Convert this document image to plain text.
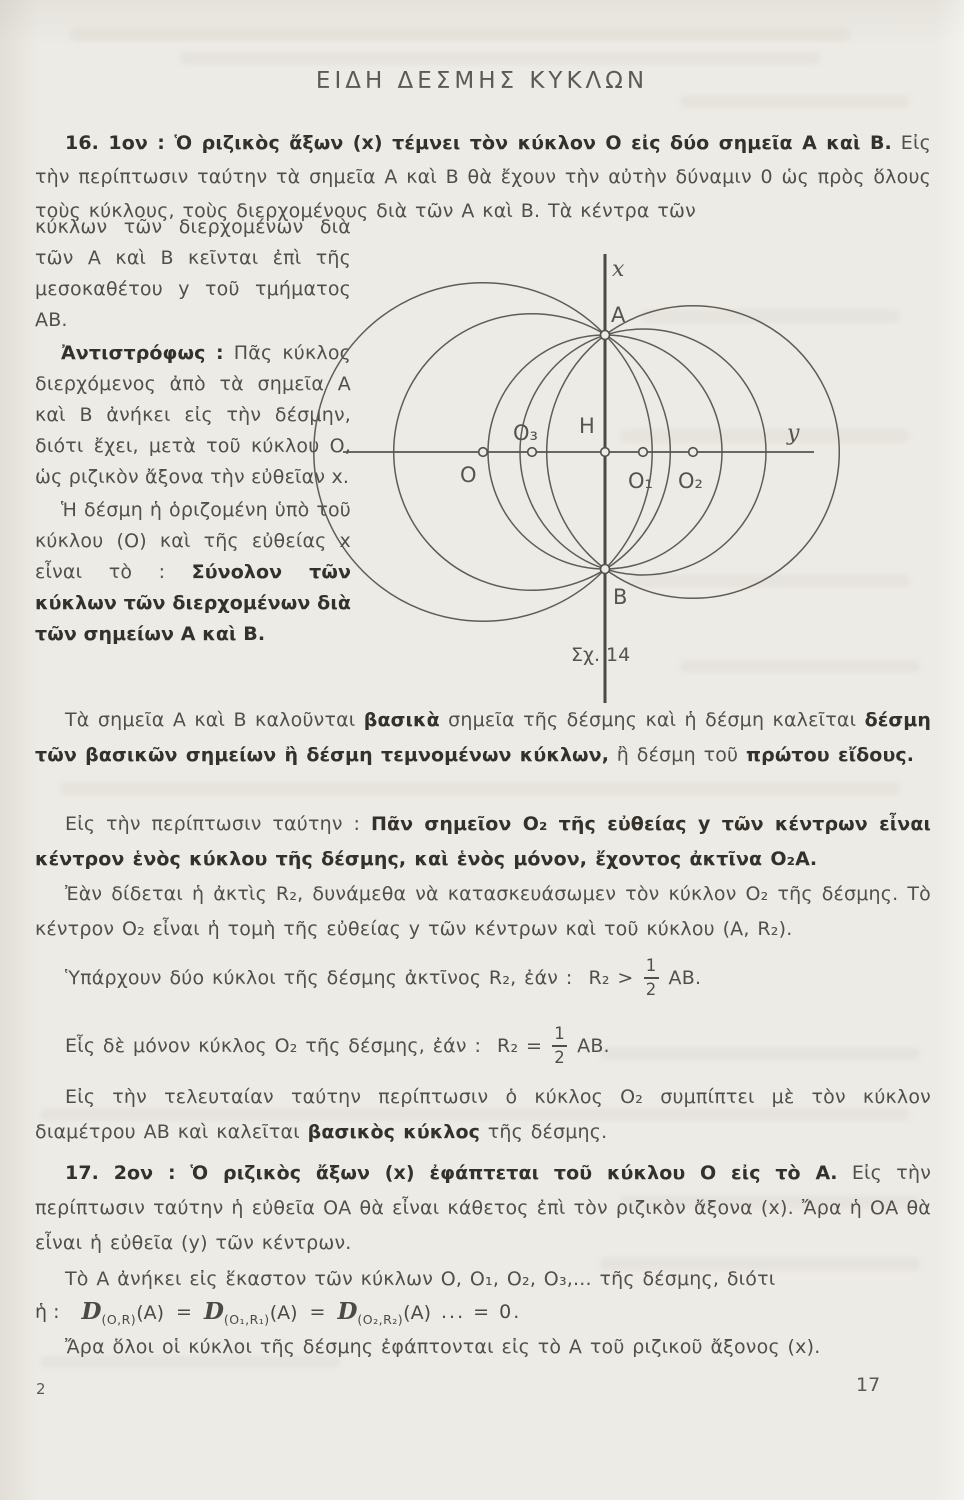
ΕΙΔΗ ΔΕΣΜΗΣ ΚΥΚΛΩΝ
16. 1ον : Ὁ ριζικὸς ἄξων (x) τέμνει τὸν κύκλον Ο εἰς δύο σημεῖα Α καὶ Β. Εἰς τὴν περίπτωσιν ταύτην τὰ σημεῖα Α καὶ Β θὰ ἔχουν τὴν αὐτὴν δύναμιν 0 ὡς πρὸς ὅλους τοὺς κύκλους, τοὺς διερχομένους διὰ τῶν Α καὶ Β. Τὰ κέντρα τῶν

κύκλων τῶν διερχομένων διὰ τῶν Α καὶ Β κεῖνται ἐπὶ τῆς μεσοκαθέτου y τοῦ τμήματος ΑΒ.

Ἀντιστρόφως : Πᾶς κύκλος διερχόμενος ἀπὸ τὰ σημεῖα Α καὶ Β ἀνήκει εἰς τὴν δέσμην, διότι ἔχει, μετὰ τοῦ κύκλου Ο, ὡς ριζικὸν ἄξονα τὴν εὐθεῖαν x.

Ἡ δέσμη ἡ ὁριζομένη ὑπὸ τοῦ κύκλου (Ο) καὶ τῆς εὐθείας x εἶναι τὸ : Σύνολον τῶν κύκλων τῶν διερχομένων διὰ τῶν σημείων Α καὶ Β.

x
A
y
O
O₃ H
O₁ O₂
B
Σχ. 14
Τὰ σημεῖα Α καὶ Β καλοῦνται βασικὰ σημεῖα τῆς δέσμης καὶ ἡ δέσμη καλεῖται δέσμη τῶν βασικῶν σημείων ἢ δέσμη τεμνομένων κύκλων, ἢ δέσμη τοῦ πρώτου εἴδους.
Εἰς τὴν περίπτωσιν ταύτην : Πᾶν σημεῖον O₂ τῆς εὐθείας y τῶν κέντρων εἶναι κέντρον ἑνὸς κύκλου τῆς δέσμης, καὶ ἑνὸς μόνον, ἔχοντος ἀκτῖνα O₂Α.
Ἐὰν δίδεται ἡ ἀκτὶς R₂, δυνάμεθα νὰ κατασκευάσωμεν τὸν κύκλον O₂ τῆς δέσμης. Τὸ κέντρον O₂ εἶναι ἡ τομὴ τῆς εὐθείας y τῶν κέντρων καὶ τοῦ κύκλου (Α, R₂).
Ὑπάρχουν δύο κύκλοι τῆς δέσμης ἀκτῖνος R₂, ἐάν : $R_2 > \frac{1}{2} AB$.
Εἷς δὲ μόνον κύκλος O₂ τῆς δέσμης, ἐάν : $R_2 = \frac{1}{2} AB$.
Εἰς τὴν τελευταίαν ταύτην περίπτωσιν ὁ κύκλος O₂ συμπίπτει μὲ τὸν κύκλον διαμέτρου ΑΒ καὶ καλεῖται βασικὸς κύκλος τῆς δέσμης.
17. 2ον : Ὁ ριζικὸς ἄξων (x) ἐφάπτεται τοῦ κύκλου Ο εἰς τὸ Α. Εἰς τὴν περίπτωσιν ταύτην ἡ εὐθεῖα ΟΑ θὰ εἶναι κάθετος ἐπὶ τὸν ριζικὸν ἄξονα (x). Ἄρα ἡ ΟΑ θὰ εἶναι ἡ εὐθεῖα (y) τῶν κέντρων.
Τὸ Α ἀνήκει εἰς ἕκαστον τῶν κύκλων Ο, Ο₁, Ο₂, Ο₃,... τῆς δέσμης, διότι
ἡ : $D_{(O,R)}(A) = D_{(O_1,R_1)}(A) = D_{(O_2,R_2)}(A)$ ... = 0.
Ἄρα ὅλοι οἱ κύκλοι τῆς δέσμης ἐφάπτονται εἰς τὸ Α τοῦ ριζικοῦ ἄξονος (x).
2	17
